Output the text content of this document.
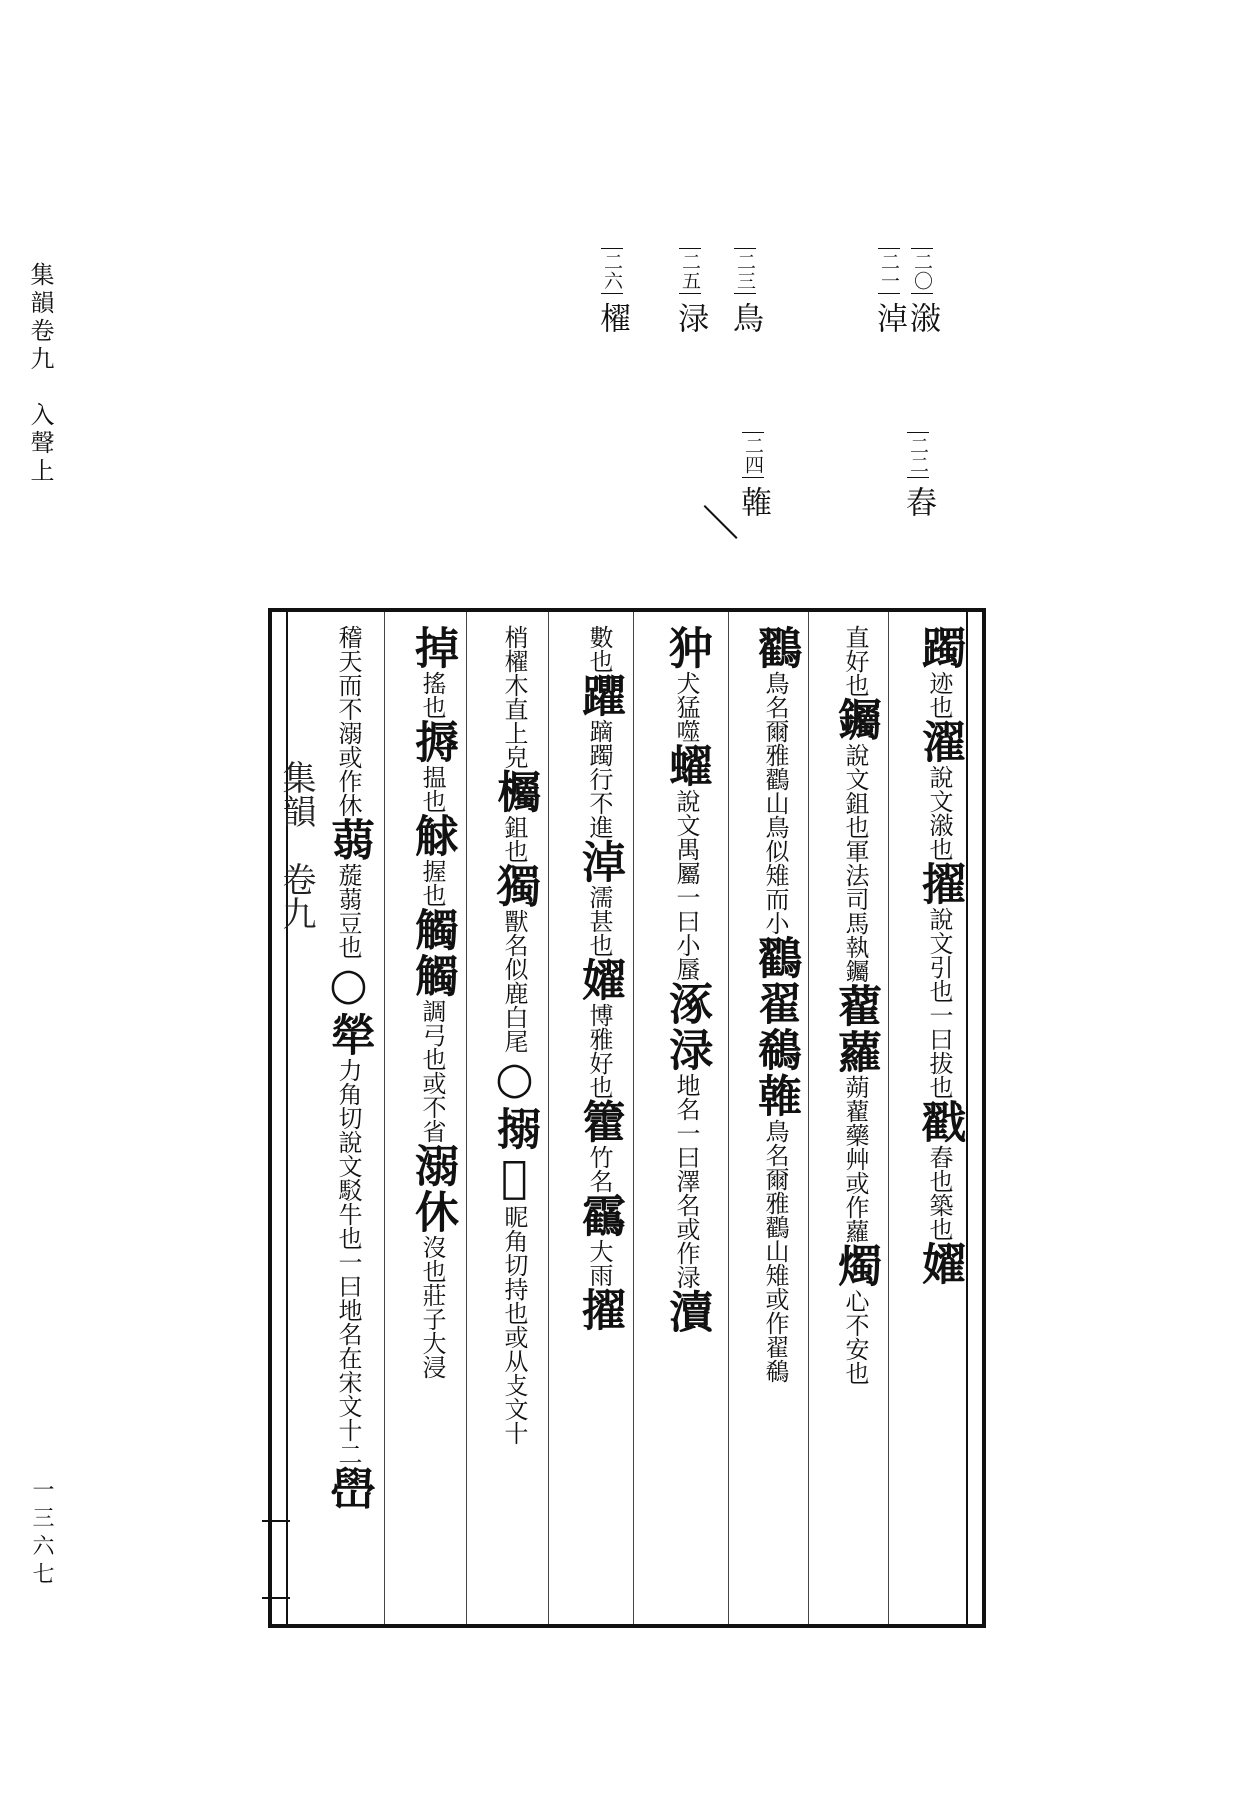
集韻卷九　入聲上
一三六七
二〇潊
二一淖
二二舂
二三鳥
二四雗
二五渌
二六櫂
集韻　卷九
躅迹也濯說文潊也擢說文引也一曰拔也戳舂也築也嬥
直好也钃說文鉏也軍法司馬執钃藋蘿蒴藋藥艸或作蘿燭心不安也
鸐鳥名爾雅鸐山鳥似雉而小鸐翟鵗雗鳥名爾雅鸐山雉或作翟鵗
狆犬猛噬蠗說文禺屬一曰小蜃涿渌地名一曰澤名或作渌瀆
數也躣蹢躅行不進淖濡甚也嬥博雅好也籗竹名靍大雨擢
梢櫂木直上皃欘鉏也獨獸名似鹿白尾○搦𥓈昵角切持也或从攴文十
掉搖也搙揾也觩握也觸觸調弓也或不省溺休沒也莊子大浸
稽天而不溺或作休蒻蔙蒻豆也○犖力角切說文駁牛也一曰地名在宋文十二嶨
